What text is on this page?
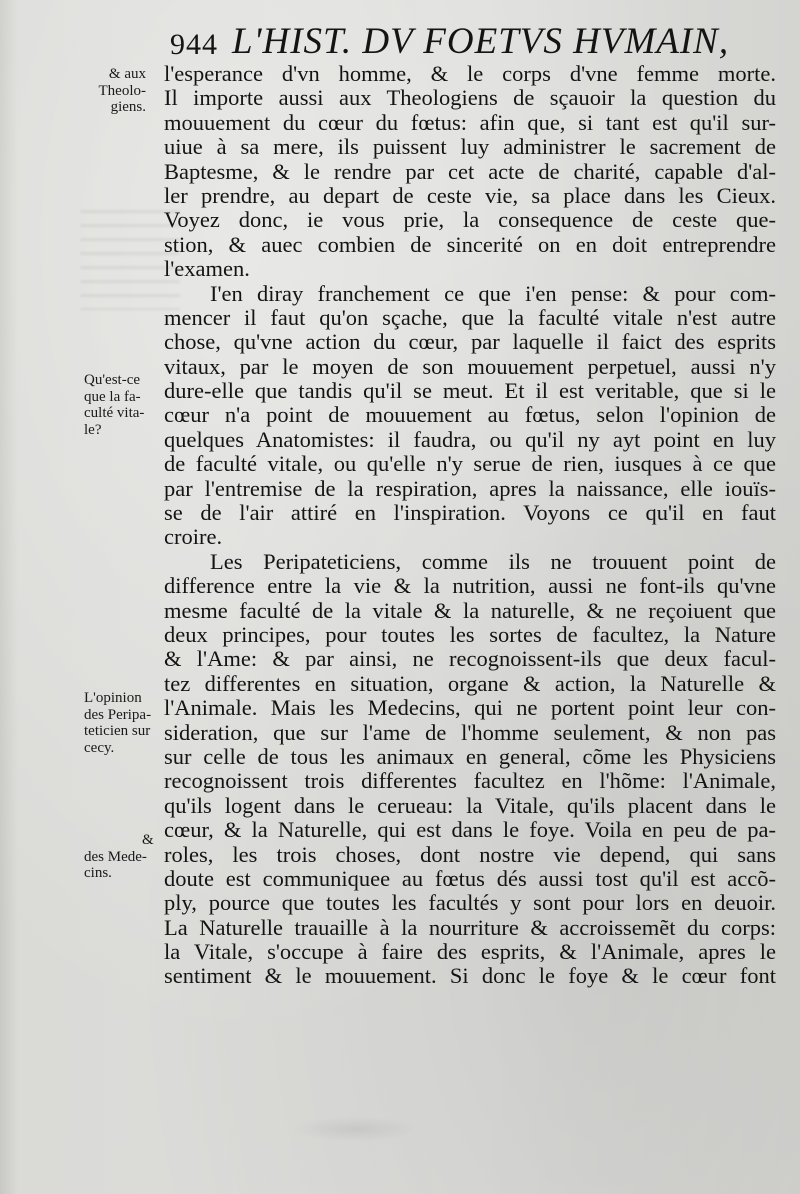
944 L'HIST. DV FOETVS HVMAIN,
& aux
Theolo-
giens.
Qu'est-ce
que la fa-
culté vita-
le?
L'opinion
des Peripa-
teticien sur
cecy.
&
des Mede-
cins.
l'esperance d'vn homme, & le corps d'vne femme morte.
Il importe aussi aux Theologiens de sçauoir la question du
mouuement du cœur du fœtus: afin que, si tant est qu'il sur-
uiue à sa mere, ils puissent luy administrer le sacrement de
Baptesme, & le rendre par cet acte de charité, capable d'al-
ler prendre, au depart de ceste vie, sa place dans les Cieux.
Voyez donc, ie vous prie, la consequence de ceste que-
stion, & auec combien de sincerité on en doit entreprendre
l'examen.
I'en diray franchement ce que i'en pense: & pour com-
mencer il faut qu'on sçache, que la faculté vitale n'est autre
chose, qu'vne action du cœur, par laquelle il faict des esprits
vitaux, par le moyen de son mouuement perpetuel, aussi n'y
dure-elle que tandis qu'il se meut. Et il est veritable, que si le
cœur n'a point de mouuement au fœtus, selon l'opinion de
quelques Anatomistes: il faudra, ou qu'il ny ayt point en luy
de faculté vitale, ou qu'elle n'y serue de rien, iusques à ce que
par l'entremise de la respiration, apres la naissance, elle iouïs-
se de l'air attiré en l'inspiration. Voyons ce qu'il en faut
croire.
Les Peripateticiens, comme ils ne trouuent point de
difference entre la vie & la nutrition, aussi ne font-ils qu'vne
mesme faculté de la vitale & la naturelle, & ne reçoiuent que
deux principes, pour toutes les sortes de facultez, la Nature
& l'Ame: & par ainsi, ne recognoissent-ils que deux facul-
tez differentes en situation, organe & action, la Naturelle &
l'Animale. Mais les Medecins, qui ne portent point leur con-
sideration, que sur l'ame de l'homme seulement, & non pas
sur celle de tous les animaux en general, cõme les Physiciens
recognoissent trois differentes facultez en l'hõme: l'Animale,
qu'ils logent dans le cerueau: la Vitale, qu'ils placent dans le
cœur, & la Naturelle, qui est dans le foye. Voila en peu de pa-
roles, les trois choses, dont nostre vie depend, qui sans
doute est communiquee au fœtus dés aussi tost qu'il est accõ-
ply, pource que toutes les facultés y sont pour lors en deuoir.
La Naturelle trauaille à la nourriture & accroissemẽt du corps:
la Vitale, s'occupe à faire des esprits, & l'Animale, apres le
sentiment & le mouuement. Si donc le foye & le cœur font
